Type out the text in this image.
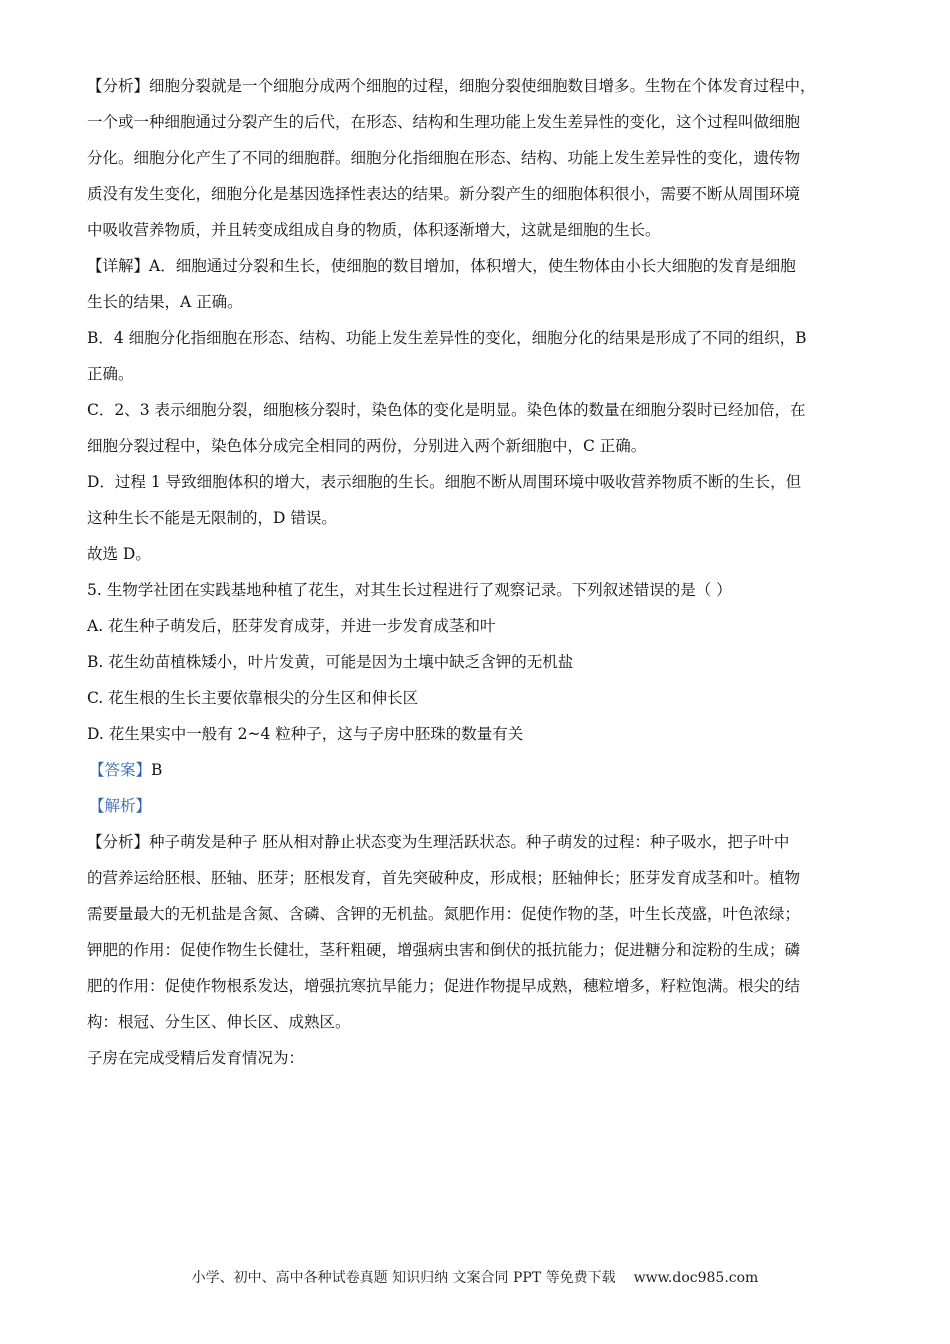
【分析】细胞分裂就是一个细胞分成两个细胞的过程，细胞分裂使细胞数目增多。生物在个体发育过程中，
一个或一种细胞通过分裂产生的后代，在形态、结构和生理功能上发生差异性的变化，这个过程叫做细胞
分化。细胞分化产生了不同的细胞群。细胞分化指细胞在形态、结构、功能上发生差异性的变化，遗传物
质没有发生变化，细胞分化是基因选择性表达的结果。新分裂产生的细胞体积很小，需要不断从周围环境
中吸收营养物质，并且转变成组成自身的物质，体积逐渐增大，这就是细胞的生长。
【详解】A．细胞通过分裂和生长，使细胞的数目增加，体积增大，使生物体由小长大细胞的发育是细胞
生长的结果，A 正确。
B．4 细胞分化指细胞在形态、结构、功能上发生差异性的变化，细胞分化的结果是形成了不同的组织，B
正确。
C．2、3 表示细胞分裂，细胞核分裂时，染色体的变化是明显。染色体的数量在细胞分裂时已经加倍，在
细胞分裂过程中，染色体分成完全相同的两份，分别进入两个新细胞中，C 正确。
D．过程 1 导致细胞体积的增大，表示细胞的生长。细胞不断从周围环境中吸收营养物质不断的生长，但
这种生长不能是无限制的，D 错误。
故选 D。
5. 生物学社团在实践基地种植了花生，对其生长过程进行了观察记录。下列叙述错误的是（ ）
A. 花生种子萌发后，胚芽发育成芽，并进一步发育成茎和叶
B. 花生幼苗植株矮小，叶片发黄，可能是因为土壤中缺乏含钾的无机盐
C. 花生根的生长主要依靠根尖的分生区和伸长区
D. 花生果实中一般有 2~4 粒种子，这与子房中胚珠的数量有关
【答案】B
【解析】
【分析】种子萌发是种子 胚从相对静止状态变为生理活跃状态。种子萌发的过程：种子吸水，把子叶中
的营养运给胚根、胚轴、胚芽；胚根发育，首先突破种皮，形成根；胚轴伸长；胚芽发育成茎和叶。植物
需要量最大的无机盐是含氮、含磷、含钾的无机盐。氮肥作用：促使作物的茎，叶生长茂盛，叶色浓绿；
钾肥的作用：促使作物生长健壮，茎秆粗硬，增强病虫害和倒伏的抵抗能力；促进糖分和淀粉的生成；磷
肥的作用：促使作物根系发达，增强抗寒抗旱能力；促进作物提早成熟，穗粒增多，籽粒饱满。根尖的结
构：根冠、分生区、伸长区、成熟区。
子房在完成受精后发育情况为：
小学、初中、高中各种试卷真题 知识归纳 文案合同 PPT 等免费下载 www.doc985.com
